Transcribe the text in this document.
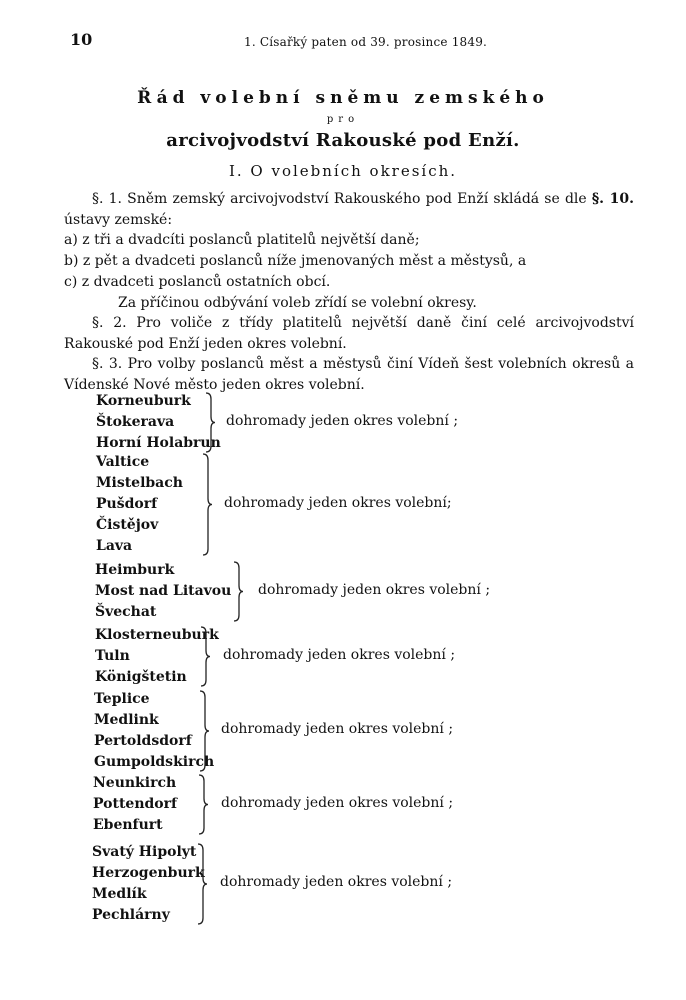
10	1. Císařký paten od 39. prosince 1849.
Řád volební sněmu zemského
pro
arcivojvodství Rakouské pod Enží.
I. O volebních okresích.
§. 1. Sněm zemský arcivojvodství Rakouského pod Enží skládá se dle §. 10. ústavy zemské:
a) z tři a dvadcíti poslanců platitelů největší daně;
b) z pět a dvadceti poslanců níže jmenovaných měst a městysů, a
c) z dvadceti poslanců ostatních obcí.
Za příčinou odbývání voleb zřídí se volební okresy.
§. 2. Pro voliče z třídy platitelů největší daně činí celé arcivojvodství Rakouské pod Enží jeden okres volební.
§. 3. Pro volby poslanců měst a městysů činí Vídeň šest volebních okresů a Vídenské Nové město jeden okres volební.
Korneuburk
Štokerava
Horní Holabrun
dohromady jeden okres volební ;
Valtice
Mistelbach
Pušdorf
Čistějov
Lava
dohromady jeden okres volební;
Heimburk
Most nad Litavou
Švechat
dohromady jeden okres volební ;
Klosterneuburk
Tuln
Königštetin
dohromady jeden okres volební ;
Teplice
Medlink
Pertoldsdorf
Gumpoldskirch
dohromady jeden okres volební ;
Neunkirch
Pottendorf
Ebenfurt
dohromady jeden okres volební ;
Svatý Hipolyt
Herzogenburk
Medlík
Pechlárny
dohromady jeden okres volební ;
